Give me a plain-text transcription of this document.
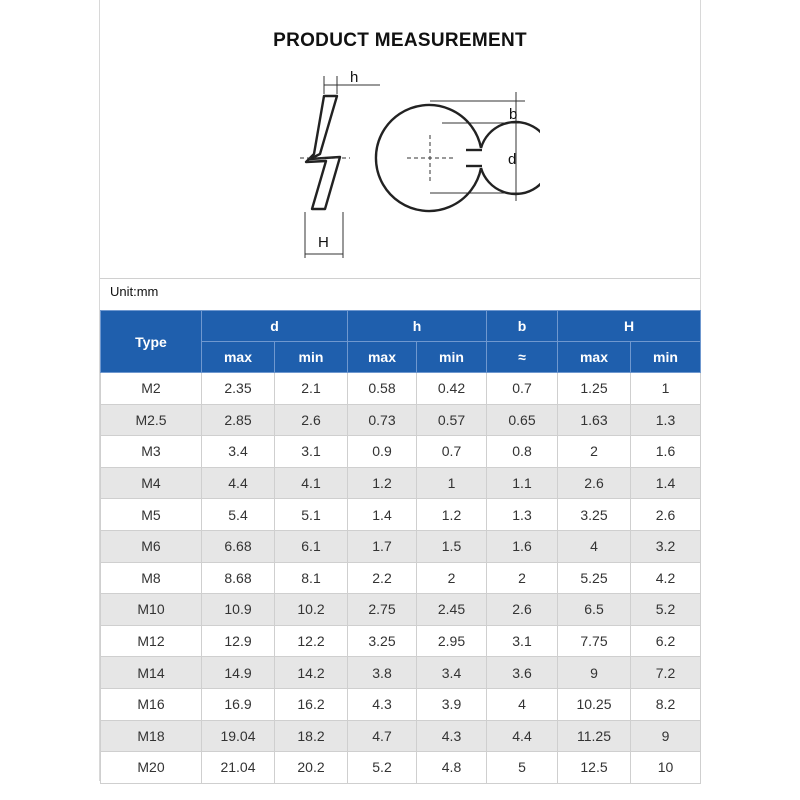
PRODUCT MEASUREMENT
h
H
b
d
Unit:mm
Type	d		h		b	H	
	max	min	max	min	≈	max	min
M2	2.35	2.1	0.58	0.42	0.7	1.25	1
M2.5	2.85	2.6	0.73	0.57	0.65	1.63	1.3
M3	3.4	3.1	0.9	0.7	0.8	2	1.6
M4	4.4	4.1	1.2	1	1.1	2.6	1.4
M5	5.4	5.1	1.4	1.2	1.3	3.25	2.6
M6	6.68	6.1	1.7	1.5	1.6	4	3.2
M8	8.68	8.1	2.2	2	2	5.25	4.2
M10	10.9	10.2	2.75	2.45	2.6	6.5	5.2
M12	12.9	12.2	3.25	2.95	3.1	7.75	6.2
M14	14.9	14.2	3.8	3.4	3.6	9	7.2
M16	16.9	16.2	4.3	3.9	4	10.25	8.2
M18	19.04	18.2	4.7	4.3	4.4	11.25	9
M20	21.04	20.2	5.2	4.8	5	12.5	10
